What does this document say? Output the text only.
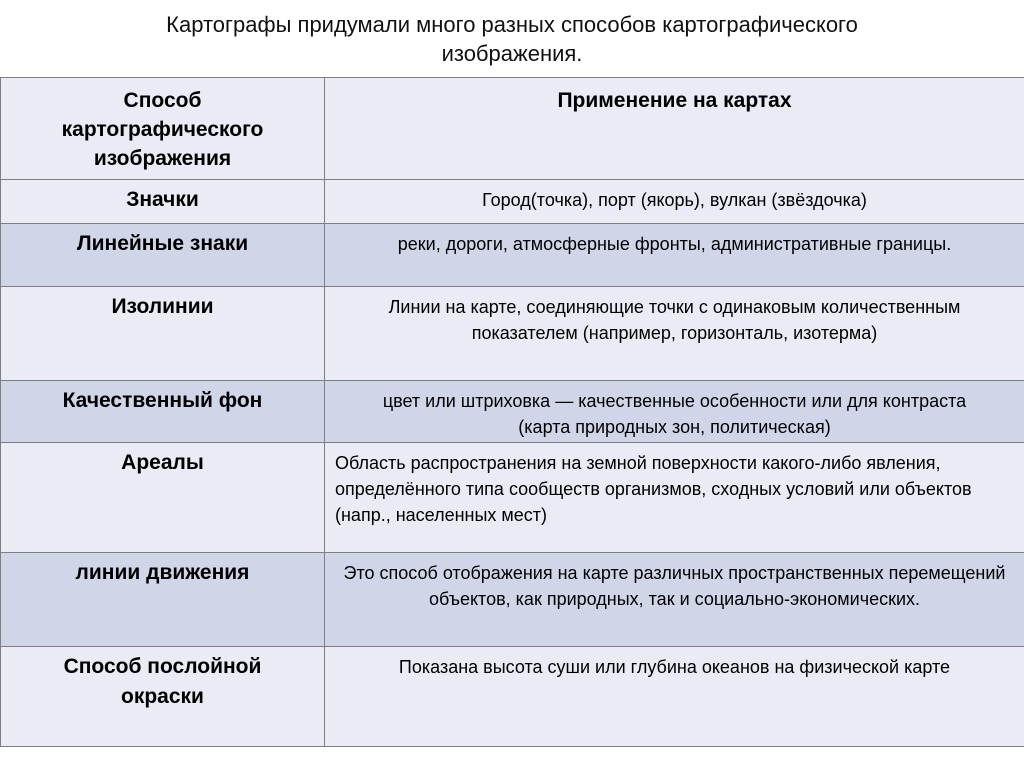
Картографы придумали много разных способов картографического
изображения.
Способ картографического изображения	Применение на картах
Значки	Город(точка), порт (якорь), вулкан (звёздочка)
Линейные знаки	реки, дороги, атмосферные фронты, административные границы.
Изолинии	Линии на карте, соединяющие точки с одинаковым количественным показателем (например, горизонталь, изотерма)
Качественный фон	цвет или штриховка — качественные особенности или для контраста (карта природных зон, политическая)
Ареалы	Область распространения на земной поверхности какого-либо явления, определённого типа сообществ организмов, сходных условий или объектов (напр., населенных мест)
линии движения	Это способ отображения на карте различных пространственных перемещений объектов, как природных, так и социально-экономических.
Способ послойной окраски	Показана высота суши или глубина океанов на физической карте
